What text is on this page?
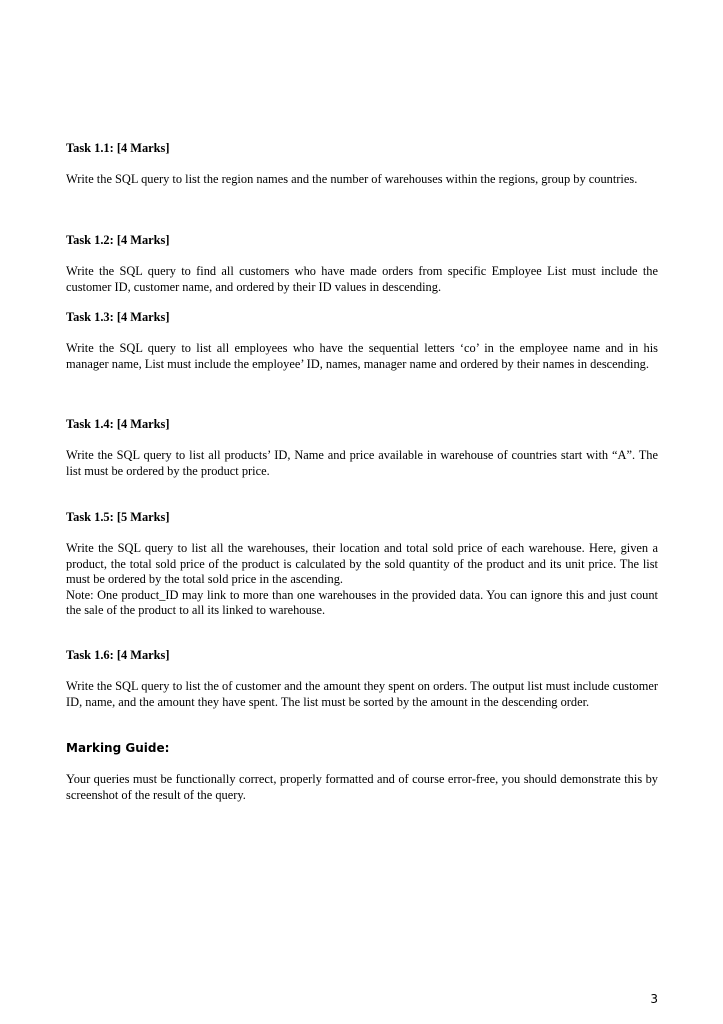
Task 1.1: [4 Marks]

Write the SQL query to list the region names and the number of warehouses within the regions, group by countries.

Task 1.2: [4 Marks]

Write the SQL query to find all customers who have made orders from specific Employee List must include the customer ID, customer name, and ordered by their ID values in descending.

Task 1.3: [4 Marks]

Write the SQL query to list all employees who have the sequential letters ‘co’ in the employee name and in his manager name, List must include the employee’ ID, names, manager name and ordered by their names in descending.

Task 1.4: [4 Marks]

Write the SQL query to list all products’ ID, Name and price available in warehouse of countries start with “A”. The list must be ordered by the product price.

Task 1.5: [5 Marks]

Write the SQL query to list all the warehouses, their location and total sold price of each warehouse. Here, given a product, the total sold price of the product is calculated by the sold quantity of the product and its unit price. The list must be ordered by the total sold price in the ascending.

Note: One product_ID may link to more than one warehouses in the provided data. You can ignore this and just count the sale of the product to all its linked to warehouse.

Task 1.6: [4 Marks]

Write the SQL query to list the of customer and the amount they spent on orders. The output list must include customer ID, name, and the amount they have spent. The list must be sorted by the amount in the descending order.

Marking Guide:

Your queries must be functionally correct, properly formatted and of course error-free, you should demonstrate this by screenshot of the result of the query.

3
